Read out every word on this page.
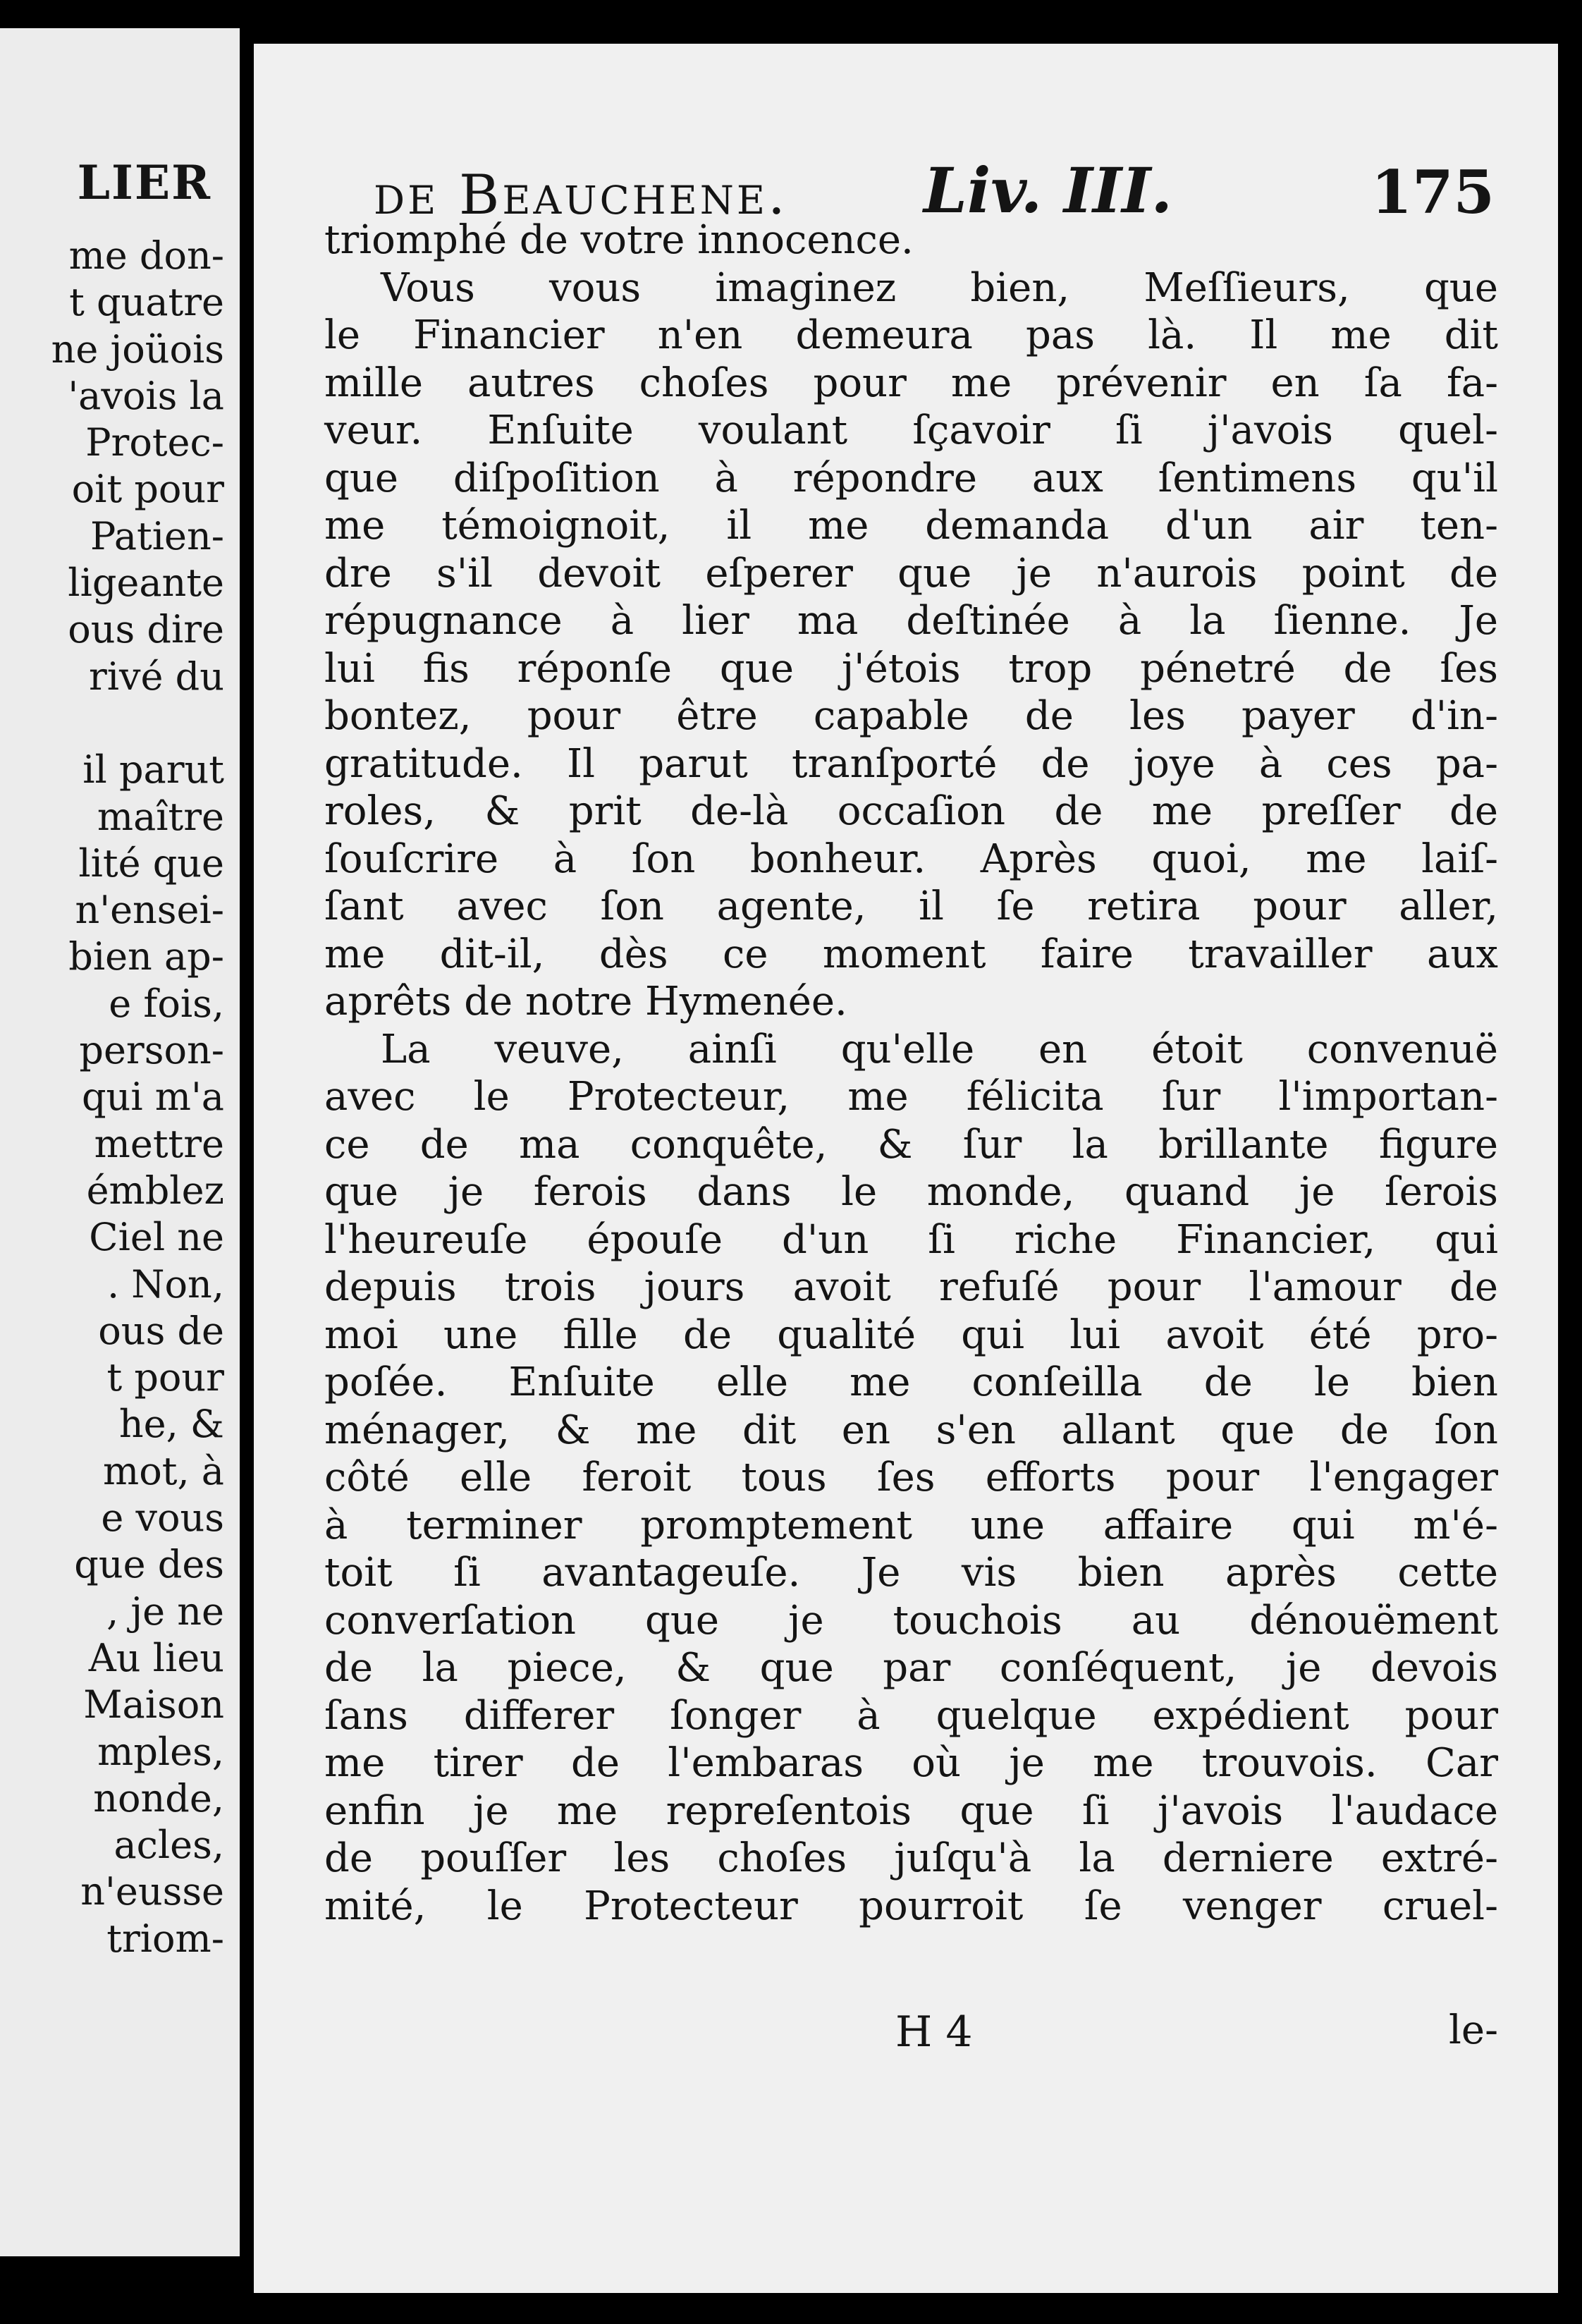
LIER
me don-
t quatre
ne joüois
'avois la
Protec-
oit pour
Patien-
ligeante
ous dire
rivé du
il parut
maître
lité que
n'ensei-
bien ap-
e fois,
person-
qui m'a
mettre
émblez
Ciel ne
. Non,
ous de
t pour
he, &
mot, à
e vous
que des
, je ne
Au lieu
Maison
mples,
nonde,
acles,
n'eusse
triom-
de Beauchene. Liv. III.	175
triomphé de votre innocence.
Vous vous imaginez bien, Meſſieurs, que
le Financier n'en demeura pas là. Il me dit
mille autres choſes pour me prévenir en ſa fa-
veur. Enſuite voulant ſçavoir ſi j'avois quel-
que diſpoſition à répondre aux ſentimens qu'il
me témoignoit, il me demanda d'un air ten-
dre s'il devoit eſperer que je n'aurois point de
répugnance à lier ma deſtinée à la ſienne. Je
lui fis réponſe que j'étois trop pénetré de ſes
bontez, pour être capable de les payer d'in-
gratitude. Il parut tranſporté de joye à ces pa-
roles, & prit de-là occaſion de me preſſer de
ſouſcrire à ſon bonheur. Après quoi, me laiſ-
ſant avec ſon agente, il ſe retira pour aller,
me dit-il, dès ce moment faire travailler aux
aprêts de notre Hymenée.
La veuve, ainſi qu'elle en étoit convenuë
avec le Protecteur, me félicita ſur l'importan-
ce de ma conquête, & ſur la brillante figure
que je ferois dans le monde, quand je ſerois
l'heureuſe épouſe d'un ſi riche Financier, qui
depuis trois jours avoit refuſé pour l'amour de
moi une fille de qualité qui lui avoit été pro-
poſée. Enſuite elle me conſeilla de le bien
ménager, & me dit en s'en allant que de ſon
côté elle feroit tous ſes efforts pour l'engager
à terminer promptement une affaire qui m'é-
toit ſi avantageuſe. Je vis bien après cette
converſation que je touchois au dénouëment
de la piece, & que par conſéquent, je devois
ſans differer ſonger à quelque expédient pour
me tirer de l'embaras où je me trouvois. Car
enfin je me repreſentois que ſi j'avois l'audace
de pouſſer les choſes juſqu'à la derniere extré-
mité, le Protecteur pourroit ſe venger cruel-
H 4	le-
